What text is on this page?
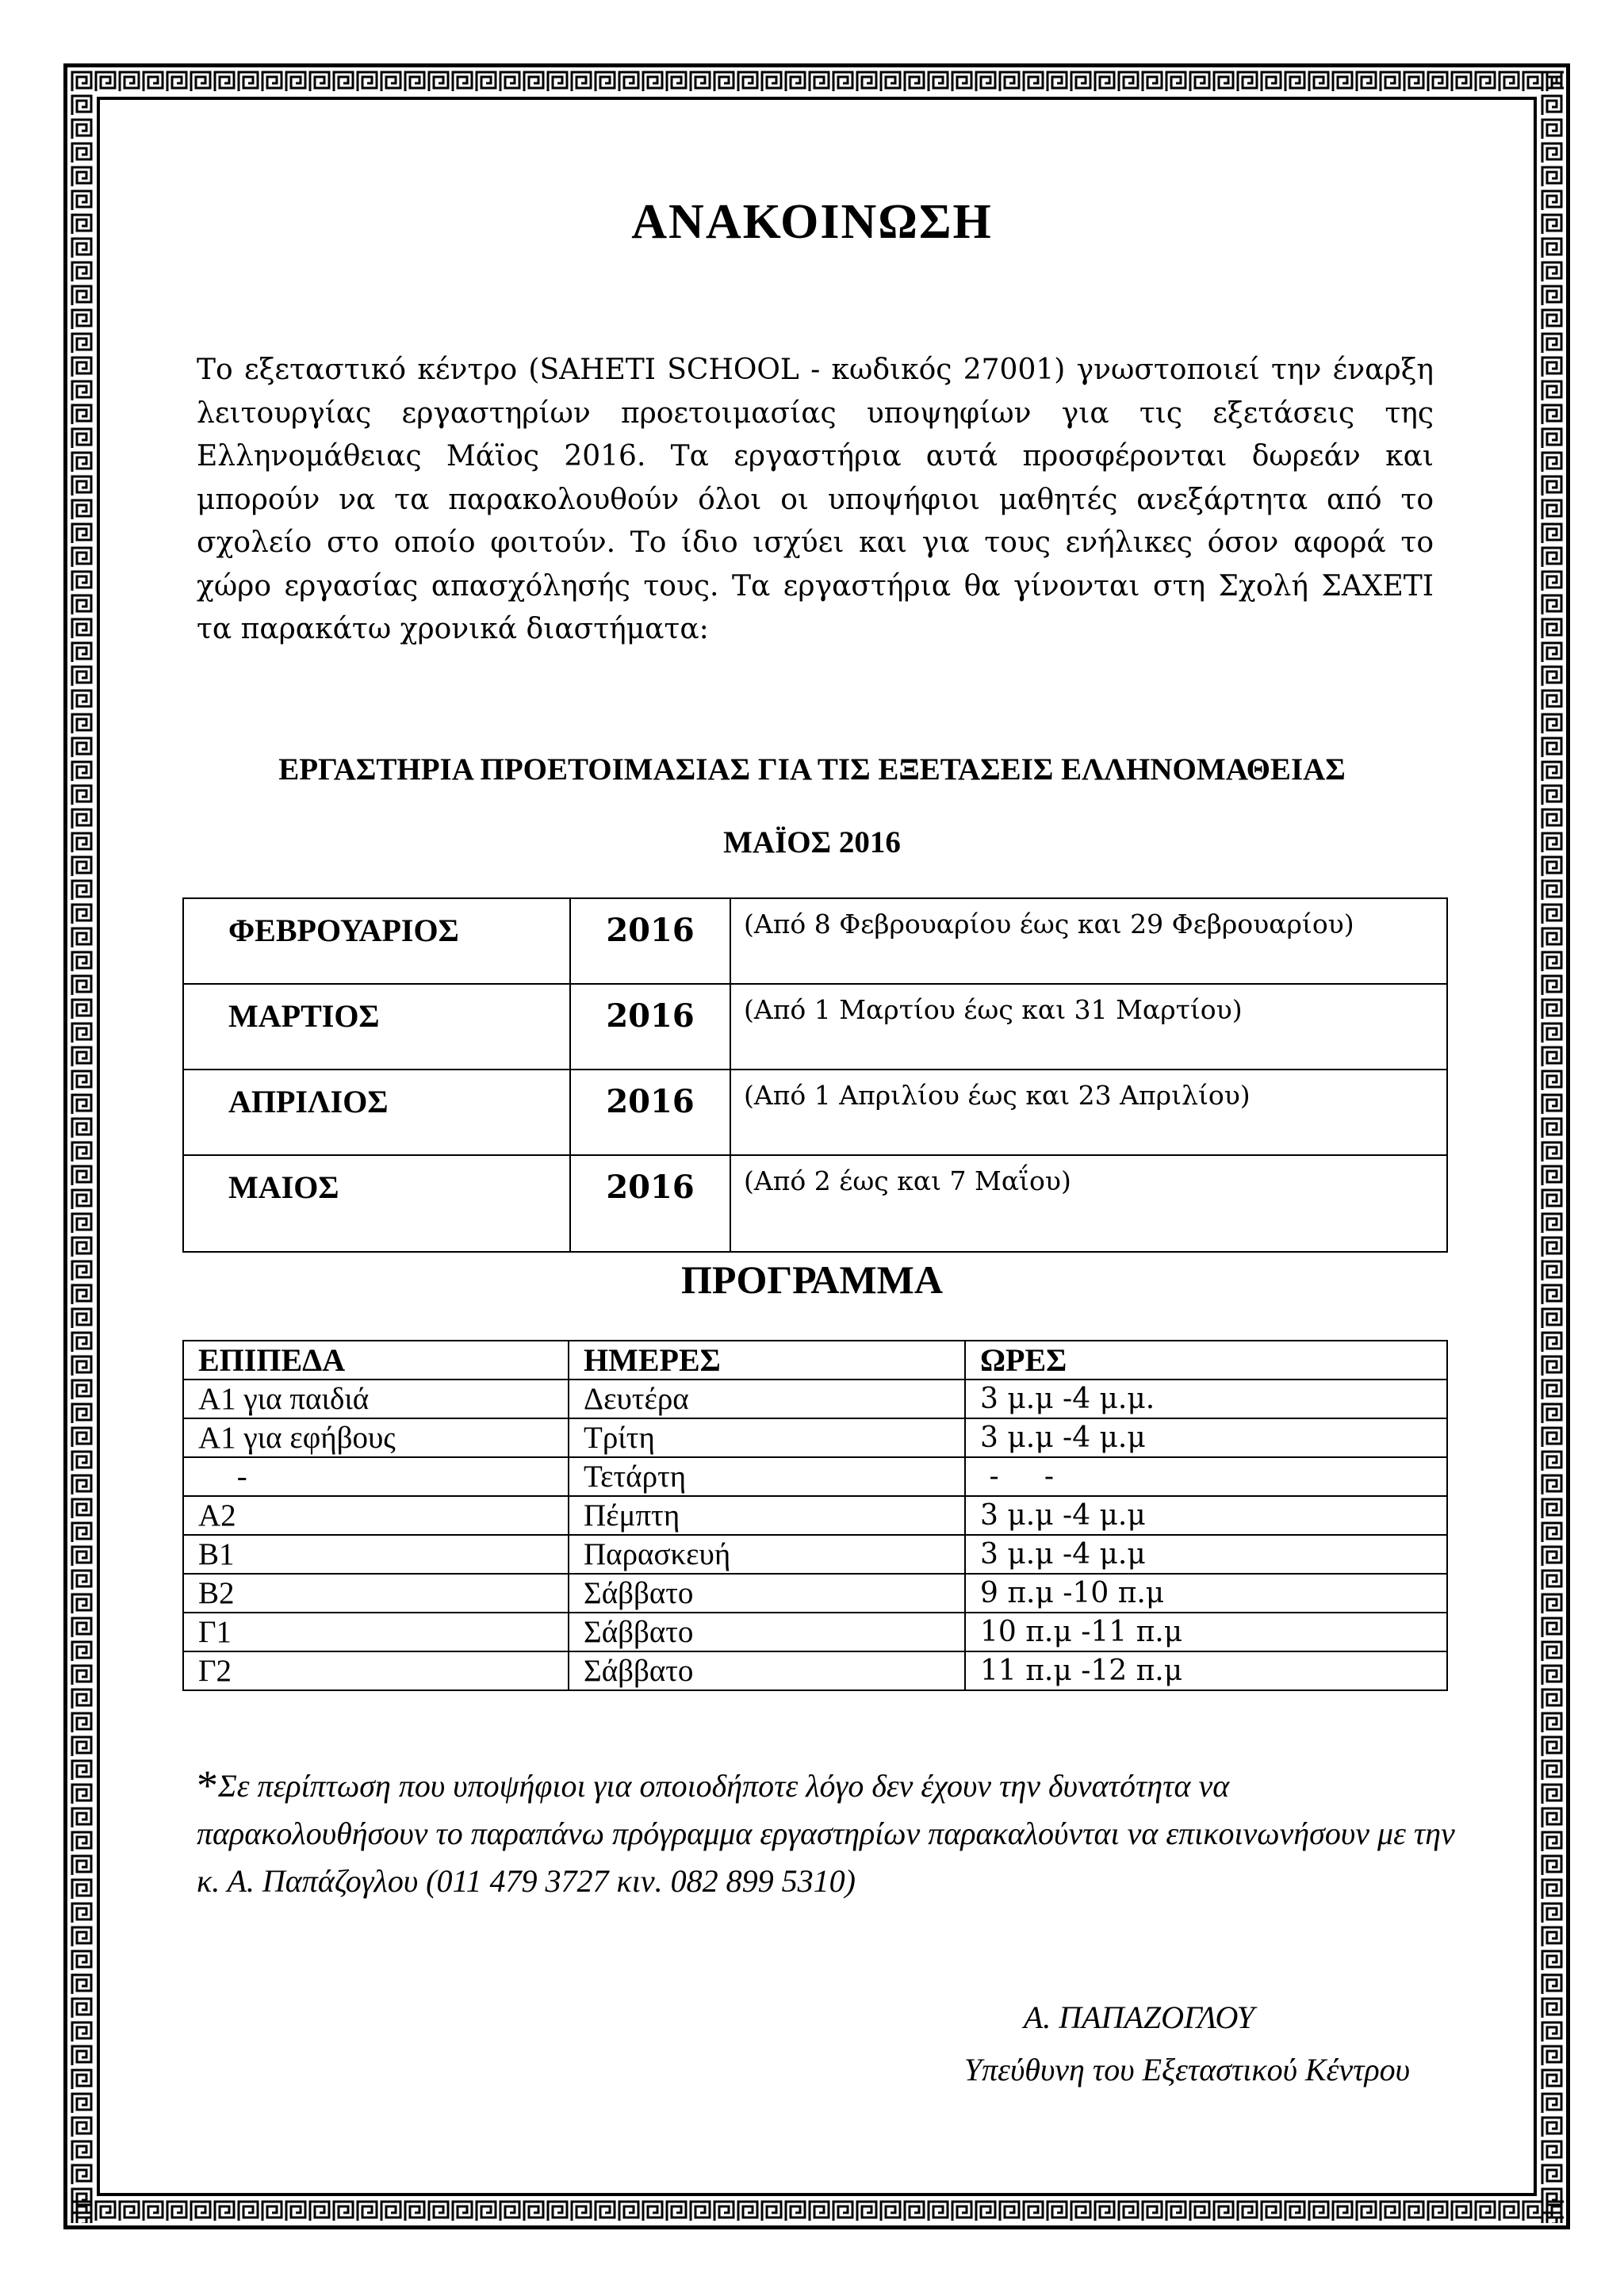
ΑΝΑΚΟΙΝΩΣΗ
Το εξεταστικό κέντρο (SAHETI SCHOOL - κωδικός 27001) γνωστοποιεί την έναρξη λειτουργίας εργαστηρίων προετοιμασίας υποψηφίων για τις εξετάσεις της Ελληνομάθειας Μάϊος 2016. Τα εργαστήρια αυτά προσφέρονται δωρεάν και μπορούν να τα παρακολουθούν όλοι οι υποψήφιοι μαθητές ανεξάρτητα από το σχολείο στο οποίο φοιτούν. Το ίδιο ισχύει και για τους ενήλικες όσον αφορά το χώρο εργασίας απασχόλησής τους. Τα εργαστήρια θα γίνονται στη Σχολή ΣΑΧΕΤΙ τα παρακάτω χρονικά διαστήματα:
ΕΡΓΑΣΤΗΡΙΑ ΠΡΟΕΤΟΙΜΑΣΙΑΣ ΓΙΑ ΤΙΣ ΕΞΕΤΑΣΕΙΣ ΕΛΛΗΝΟΜΑΘΕΙΑΣ
ΜΑΪΟΣ 2016
ΦΕΒΡΟΥΑΡΙΟΣ	2016	(Από 8 Φεβρουαρίου έως και 29 Φεβρουαρίου)
ΜΑΡΤΙΟΣ	2016	(Από 1 Μαρτίου έως και 31 Μαρτίου)
ΑΠΡΙΛΙΟΣ	2016	(Από 1 Απριλίου έως και 23 Απριλίου)
ΜΑΙΟΣ	2016	(Από 2 έως και 7 Μαΐου)
ΠΡΟΓΡΑΜΜΑ
ΕΠΙΠΕΔΑ	ΗΜΕΡΕΣ	ΩΡΕΣ
Α1 για παιδιά	Δευτέρα	3 μ.μ -4 μ.μ.
Α1 για εφήβους	Τρίτη	3 μ.μ -4 μ.μ
-	Τετάρτη	-     -
Α2	Πέμπτη	3 μ.μ -4 μ.μ
Β1	Παρασκευή	3 μ.μ -4 μ.μ
Β2	Σάββατο	9 π.μ -10 π.μ
Γ1	Σάββατο	10 π.μ -11 π.μ
Γ2	Σάββατο	11 π.μ -12 π.μ
*Σε περίπτωση που υποψήφιοι για οποιοδήποτε λόγο δεν έχουν την δυνατότητα να παρακολουθήσουν το παραπάνω πρόγραμμα εργαστηρίων παρακαλούνται να επικοινωνήσουν με την κ. Α. Παπάζογλου (011 479 3727 κιν. 082 899 5310)
Α. ΠΑΠΑΖΟΓΛΟΥ
Υπεύθυνη του Εξεταστικού Κέντρου
